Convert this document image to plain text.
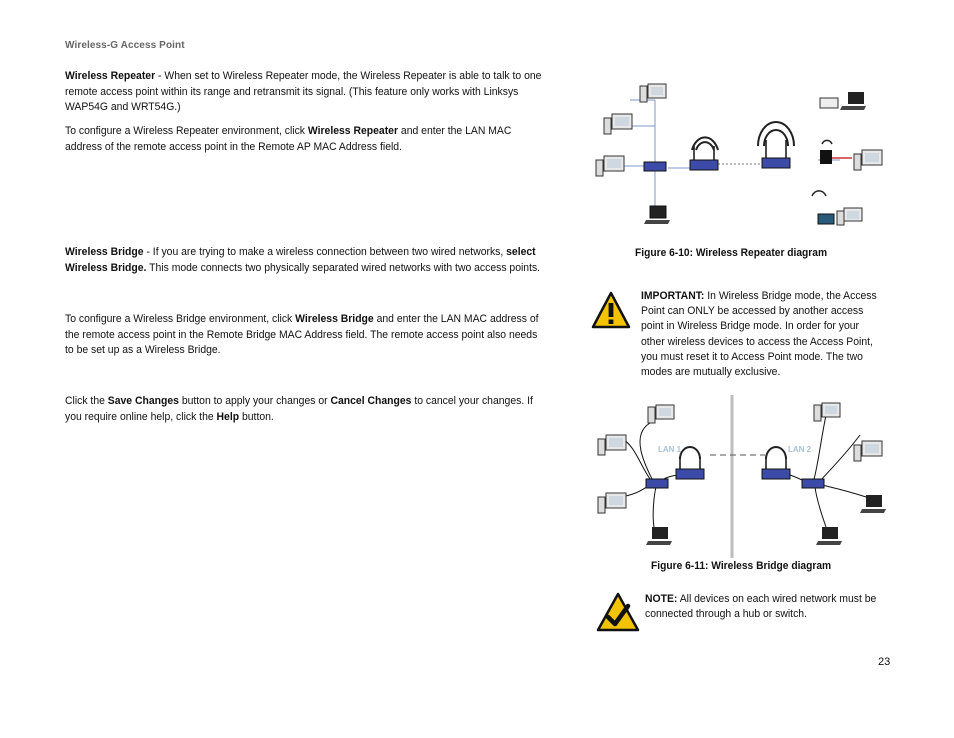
Wireless-G Access Point
Wireless Repeater - When set to Wireless Repeater mode, the Wireless Repeater is able to talk to one remote access point within its range and retransmit its signal. (This feature only works with Linksys WAP54G and WRT54G.)
To configure a Wireless Repeater environment, click Wireless Repeater and enter the LAN MAC address of the remote access point in the Remote AP MAC Address field.
Wireless Bridge - If you are trying to make a wireless connection between two wired networks, select Wireless Bridge. This mode connects two physically separated wired networks with two access points.
To configure a Wireless Bridge environment, click Wireless Bridge and enter the LAN MAC address of the remote access point in the Remote Bridge MAC Address field. The remote access point also needs to be set up as a Wireless Bridge.
Click the Save Changes button to apply your changes or Cancel Changes to cancel your changes. If you require online help, click the Help button.
Figure 6-10: Wireless Repeater diagram
IMPORTANT: In Wireless Bridge mode, the Access Point can ONLY be accessed by another access point in Wireless Bridge mode. In order for your other wireless devices to access the Access Point, you must reset it to Access Point mode. The two modes are mutually exclusive.
LAN 1	LAN 2
Figure 6-11: Wireless Bridge diagram
NOTE: All devices on each wired network must be connected through a hub or switch.
23
